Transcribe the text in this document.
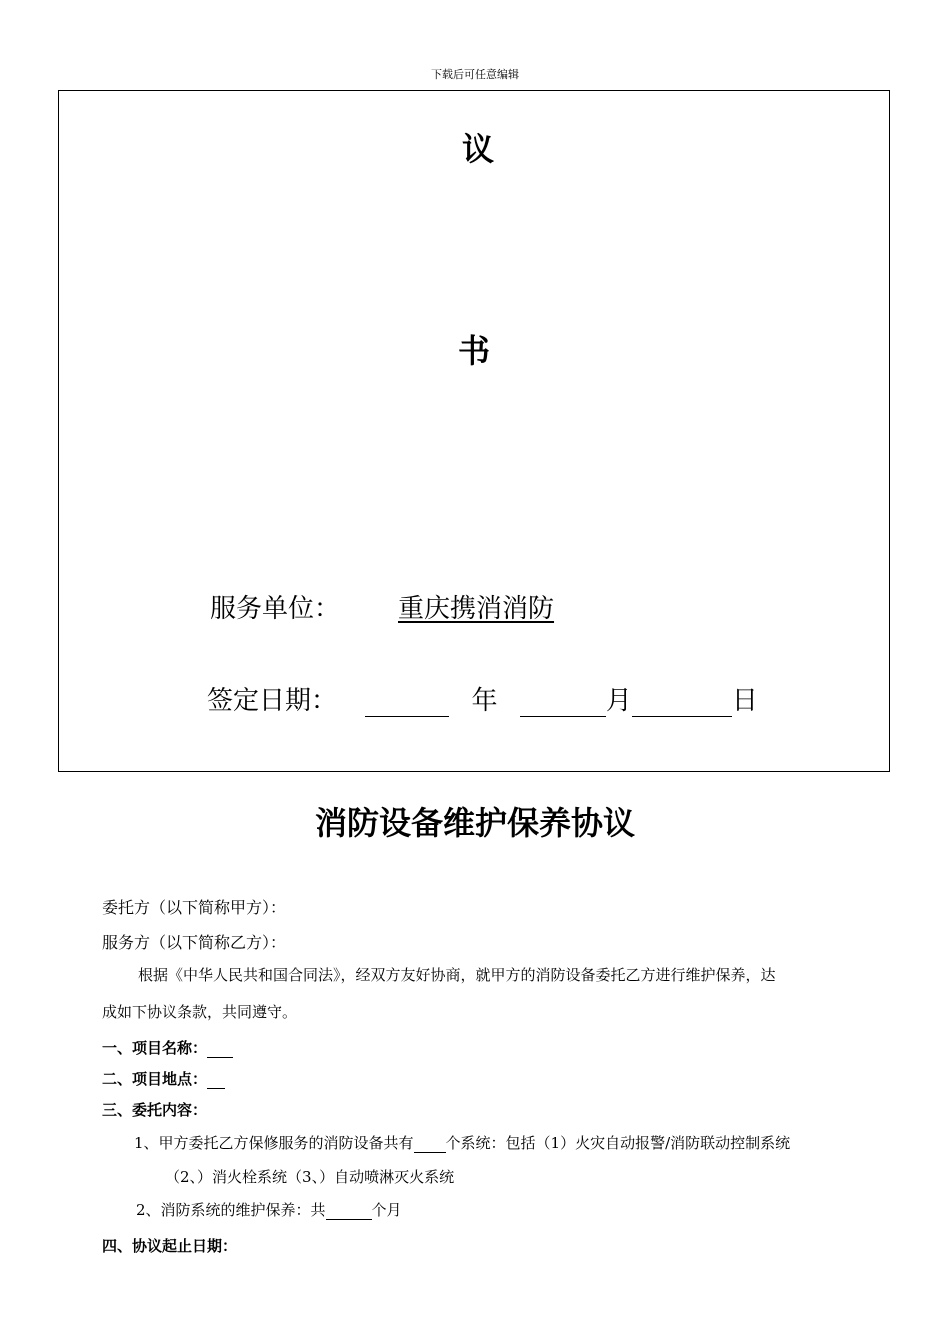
下载后可任意编辑
议
书
服务单位： 重庆携消消防
签定日期：	年	月	日
消防设备维护保养协议
委托方（以下简称甲方）：
服务方（以下简称乙方）：
根据《中华人民共和国合同法》，经双方友好协商，就甲方的消防设备委托乙方进行维护保养，达
成如下协议条款，共同遵守。
一、项目名称：
二、项目地点：
三、委托内容：
1、甲方委托乙方保修服务的消防设备共有 个系统：包括（1）火灾自动报警/消防联动控制系统
（2、）消火栓系统（3、）自动喷淋灭火系统
2、消防系统的维护保养：共	个月
四、协议起止日期：
